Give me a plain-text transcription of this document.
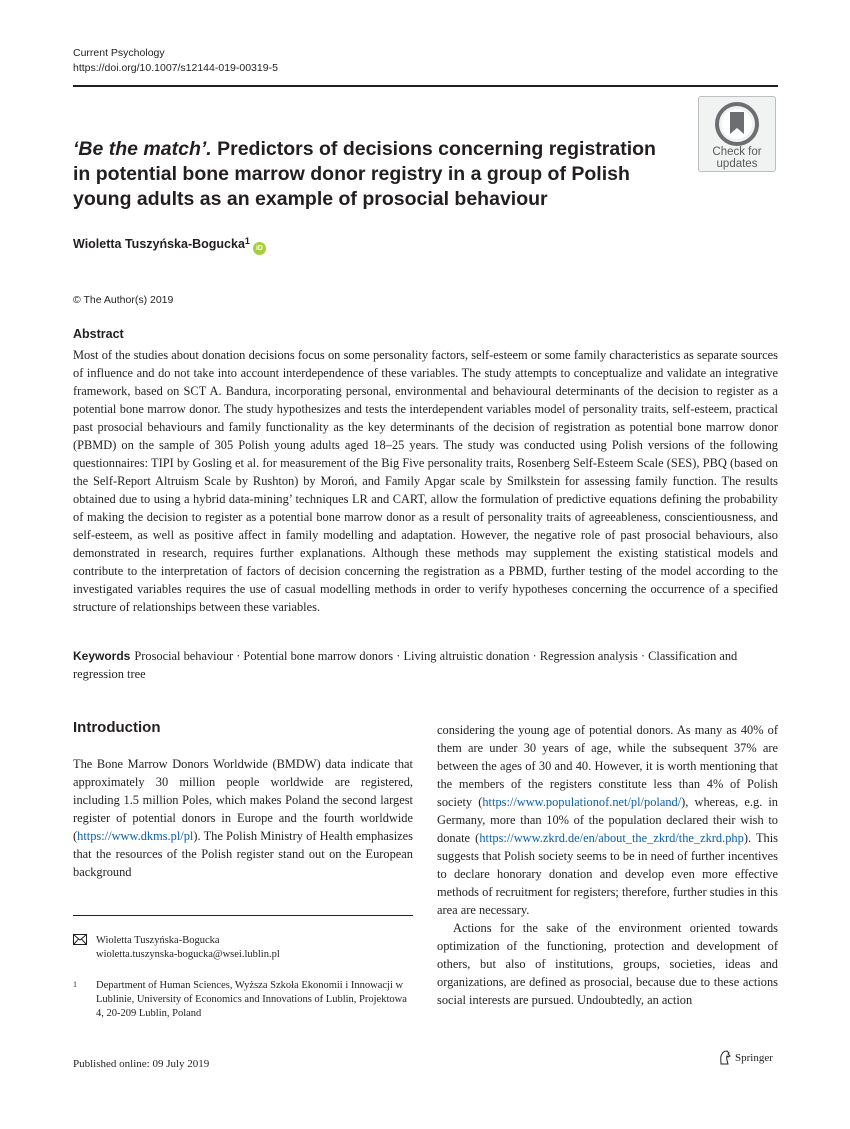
Current Psychology
https://doi.org/10.1007/s12144-019-00319-5
Check for
updates
‘Be the match’. Predictors of decisions concerning registration
in potential bone marrow donor registry in a group of Polish
young adults as an example of prosocial behaviour
Wioletta Tuszyńska-Bogucka$^1$iD
© The Author(s) 2019
Abstract

Most of the studies about donation decisions focus on some personality factors, self-esteem or some family characteristics as separate sources of influence and do not take into account interdependence of these variables. The study attempts to conceptualize and validate an integrative framework, based on SCT A. Bandura, incorporating personal, environmental and behavioural determinants of the decision to register as a potential bone marrow donor. The study hypothesizes and tests the interdependent variables model of personality traits, self-esteem, practical past prosocial behaviours and family functionality as the key determinants of the decision of registration as potential bone marrow donor (PBMD) on the sample of 305 Polish young adults aged 18–25 years. The study was conducted using Polish versions of the following questionnaires: TIPI by Gosling et al. for measurement of the Big Five personality traits, Rosenberg Self-Esteem Scale (SES), PBQ (based on the Self-Report Altruism Scale by Rushton) by Moroń, and Family Apgar scale by Smilkstein for assessing family function. The results obtained due to using a hybrid data-mining’ techniques LR and CART, allow the formulation of predictive equations defining the probability of making the decision to register as a potential bone marrow donor as a result of personality traits of agreeableness, conscientiousness, and self-esteem, as well as positive affect in family modelling and adaptation. However, the negative role of past prosocial behaviours, also demonstrated in research, requires further explanations. Although these methods may supplement the existing statistical models and contribute to the interpretation of factors of decision concerning the registration as a PBMD, further testing of the model according to the investigated variables requires the use of casual modelling methods in order to verify hypotheses concerning the occurrence of a specified structure of relationships between these variables.

Keywords Prosocial behaviour · Potential bone marrow donors · Living altruistic donation · Regression analysis · Classification and regression tree
Introduction

The Bone Marrow Donors Worldwide (BMDW) data indicate that approximately 30 million people worldwide are registered, including 1.5 million Poles, which makes Poland the second largest register of potential donors in Europe and the fourth worldwide (https://www.dkms.pl/pl). The Polish Ministry of Health emphasizes that the resources of the Polish register stand out on the European background

considering the young age of potential donors. As many as 40% of them are under 30 years of age, while the subsequent 37% are between the ages of 30 and 40. However, it is worth mentioning that the members of the registers constitute less than 4% of Polish society (https://www.populationof.net/pl/poland/), whereas, e.g. in Germany, more than 10% of the population declared their wish to donate (https://www.zkrd.de/en/about_the_zkrd/the_zkrd.php). This suggests that Polish society seems to be in need of further incentives to declare honorary donation and develop even more effective methods of recruitment for registers; therefore, further studies in this area are necessary.

Actions for the sake of the environment oriented towards optimization of the functioning, protection and development of others, but also of institutions, groups, societies, ideas and organizations, are defined as prosocial, because due to these actions social interests are pursued. Undoubtedly, an action

Wioletta Tuszyńska-Bogucka
wioletta.tuszynska-bogucka@wsei.lublin.pl
1 Department of Human Sciences, Wyższa Szkoła Ekonomii i Innowacji w Lublinie, University of Economics and Innovations of Lublin, Projektowa 4, 20-209 Lublin, Poland
Published online: 09 July 2019
Springer
